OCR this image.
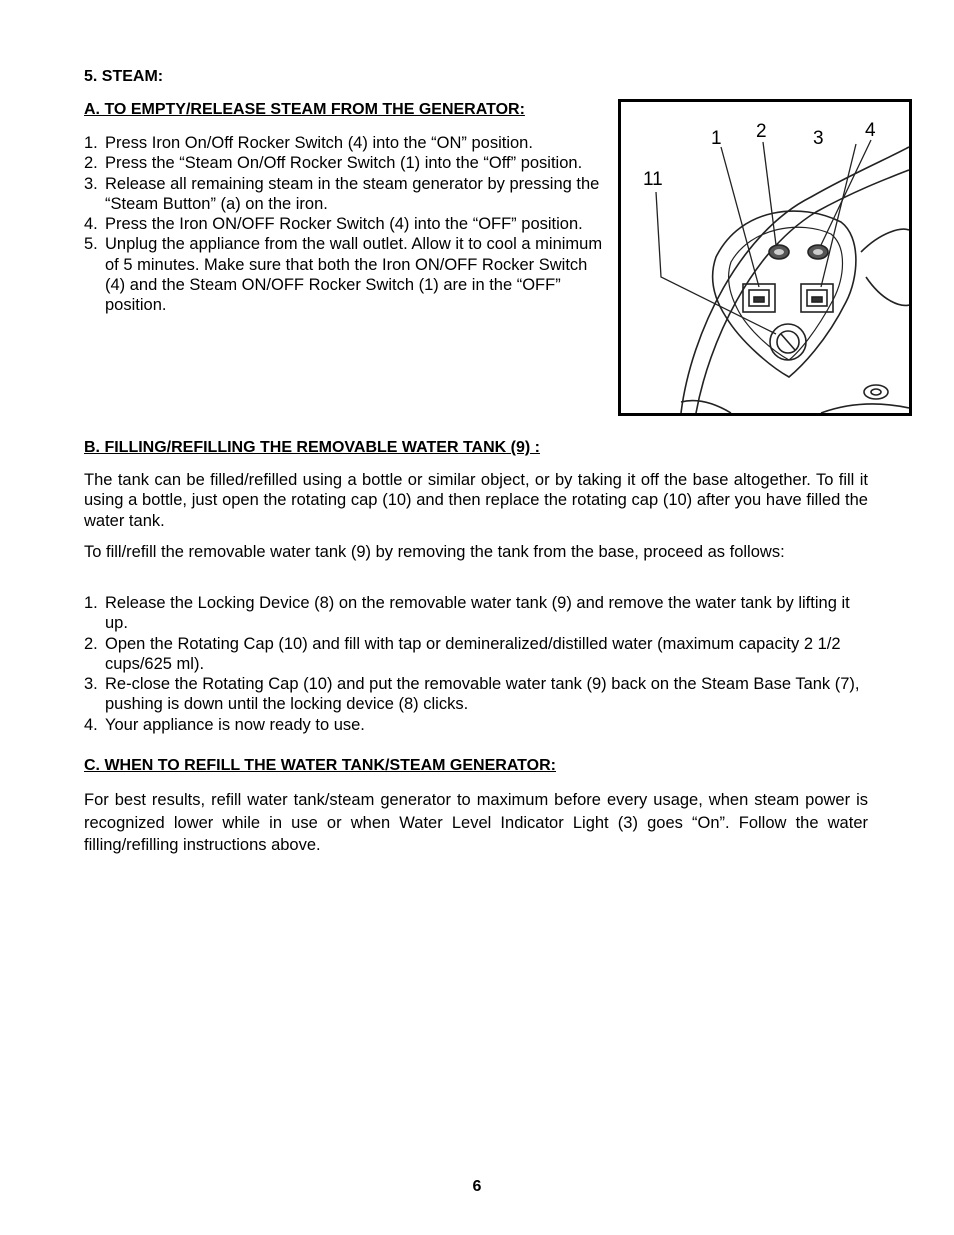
5. STEAM:
A. TO EMPTY/RELEASE STEAM FROM THE GENERATOR:
1. Press Iron On/Off Rocker Switch (4) into the “ON” position.
2. Press the “Steam On/Off Rocker Switch (1) into the “Off” position.
3. Release all remaining steam in the steam generator by pressing the “Steam Button” (a) on the iron.
4. Press the Iron ON/OFF Rocker Switch (4) into the “OFF” position.
5. Unplug the appliance from the wall outlet. Allow it to cool a minimum of 5 minutes. Make sure that both the Iron ON/OFF Rocker Switch (4) and the Steam ON/OFF Rocker Switch (1) are in the “OFF” position.
1 2 3 4
11
B. FILLING/REFILLING THE REMOVABLE WATER TANK (9) :

The tank can be filled/refilled using a bottle or similar object, or by taking it off the base altogether. To fill it using a bottle, just open the rotating cap (10) and then replace the rotating cap (10) after you have filled the water tank.

To fill/refill the removable water tank (9) by removing the tank from the base, proceed as follows:

1. Release the Locking Device (8) on the removable water tank (9) and remove the water tank by lifting it up.
2. Open the Rotating Cap (10) and fill with tap or demineralized/distilled water (maximum capacity 2 1/2 cups/625 ml).
3. Re-close the Rotating Cap (10) and put the removable water tank (9) back on the Steam Base Tank (7), pushing is down until the locking device (8) clicks.
4. Your appliance is now ready to use.
C. WHEN TO REFILL THE WATER TANK/STEAM GENERATOR:

For best results, refill water tank/steam generator to maximum before every usage, when steam power is recognized lower while in use or when Water Level Indicator Light (3) goes “On”. Follow the water filling/refilling instructions above.

6
